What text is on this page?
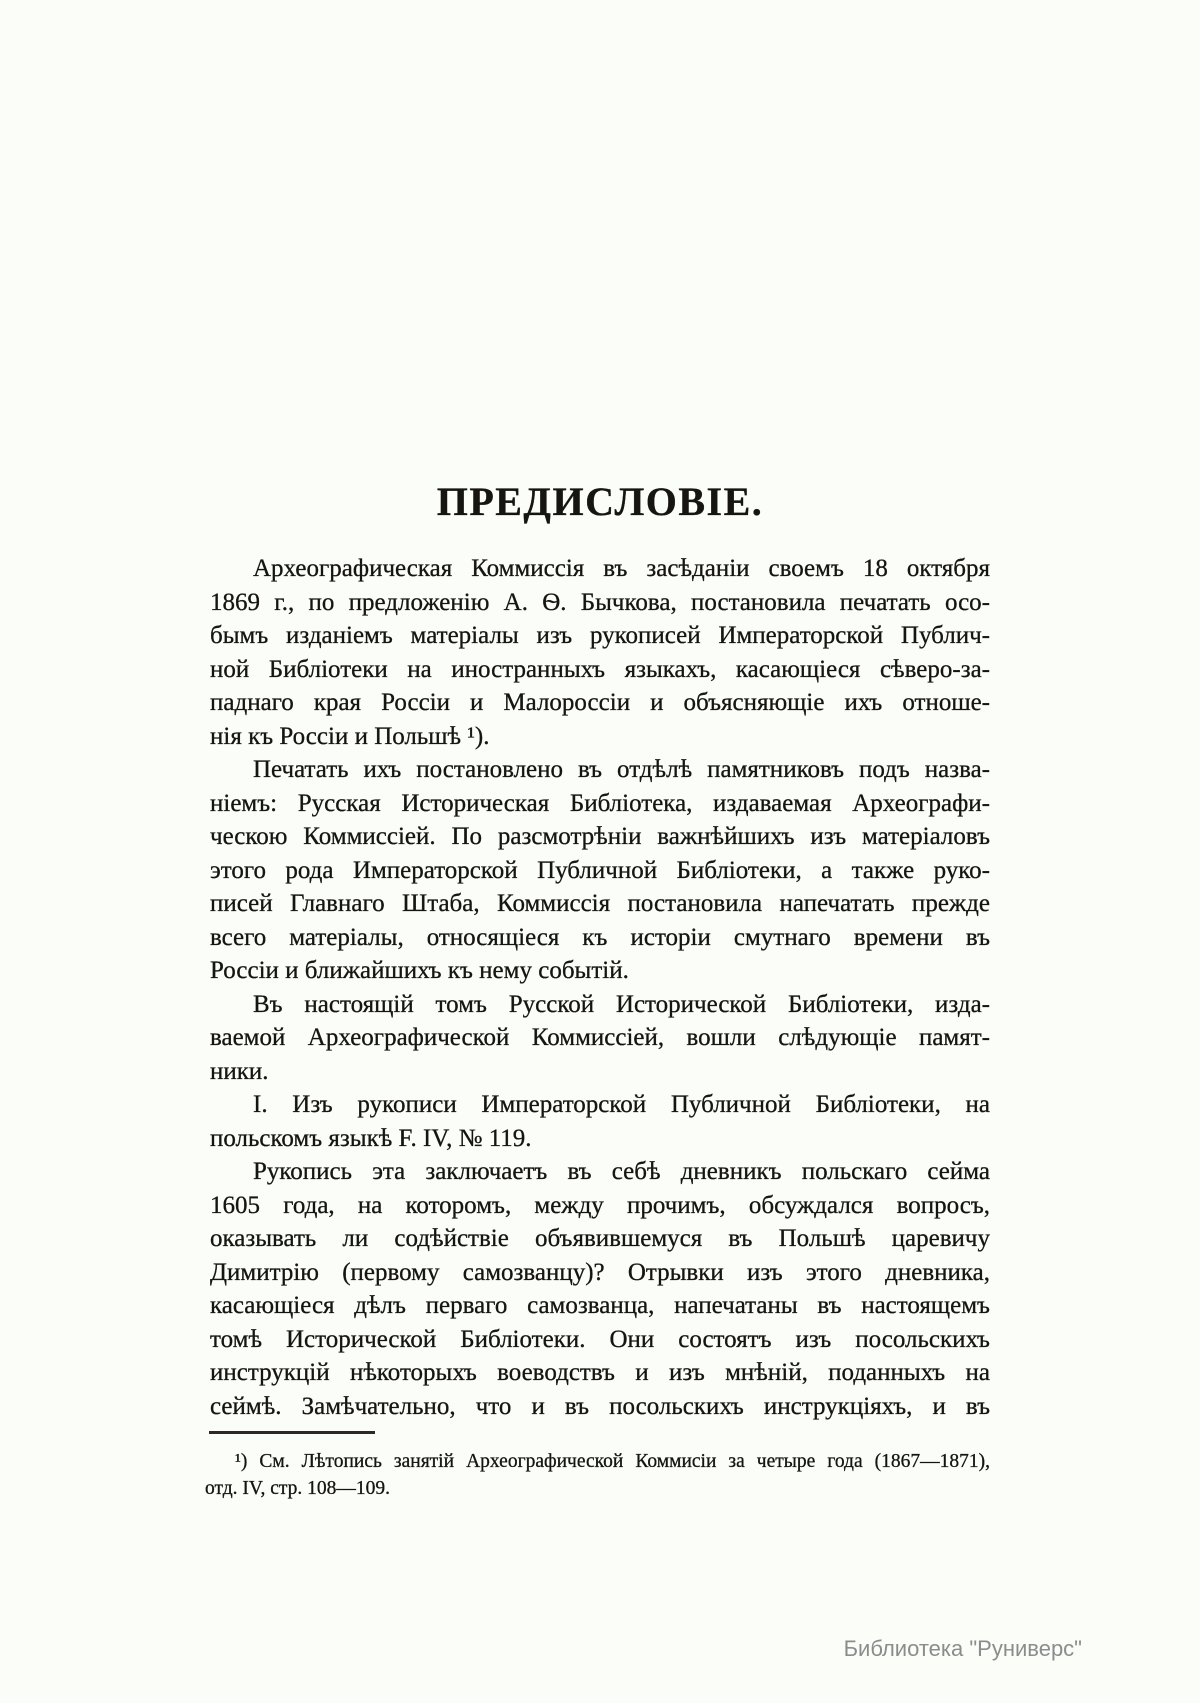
ПРЕДИСЛОВІЕ.
Археографическая Коммиссія въ засѣданіи своемъ 18 октября
1869 г., по предложенію А. Ѳ. Бычкова, постановила печатать осо-
бымъ изданіемъ матеріалы изъ рукописей Императорской Публич-
ной Библіотеки на иностранныхъ языкахъ, касающіеся сѣверо-за-
паднаго края Россіи и Малороссіи и объясняющіе ихъ отноше-
нія къ Россіи и Польшѣ ¹).
Печатать ихъ постановлено въ отдѣлѣ памятниковъ подъ назва-
ніемъ: Русская Историческая Библіотека, издаваемая Археографи-
ческою Коммиссіей. По разсмотрѣніи важнѣйшихъ изъ матеріаловъ
этого рода Императорской Публичной Библіотеки, а также руко-
писей Главнаго Штаба, Коммиссія постановила напечатать прежде
всего матеріалы, относящіеся къ исторіи смутнаго времени въ
Россіи и ближайшихъ къ нему событій.
Въ настоящій томъ Русской Исторической Библіотеки, изда-
ваемой Археографической Коммиссіей, вошли слѣдующіе памят-
ники.
I. Изъ рукописи Императорской Публичной Библіотеки, на
польскомъ языкѣ F. IV, № 119.
Рукопись эта заключаетъ въ себѣ дневникъ польскаго сейма
1605 года, на которомъ, между прочимъ, обсуждался вопросъ,
оказывать ли содѣйствіе объявившемуся въ Польшѣ царевичу
Димитрію (первому самозванцу)? Отрывки изъ этого дневника,
касающіеся дѣлъ перваго самозванца, напечатаны въ настоящемъ
томѣ Исторической Библіотеки. Они состоятъ изъ посольскихъ
инструкцій нѣкоторыхъ воеводствъ и изъ мнѣній, поданныхъ на
сеймѣ. Замѣчательно, что и въ посольскихъ инструкціяхъ, и въ
¹) См. Лѣтопись занятій Археографической Коммисіи за четыре года (1867—1871),
отд. IV, стр. 108—109.
Библиотека "Руниверс"
